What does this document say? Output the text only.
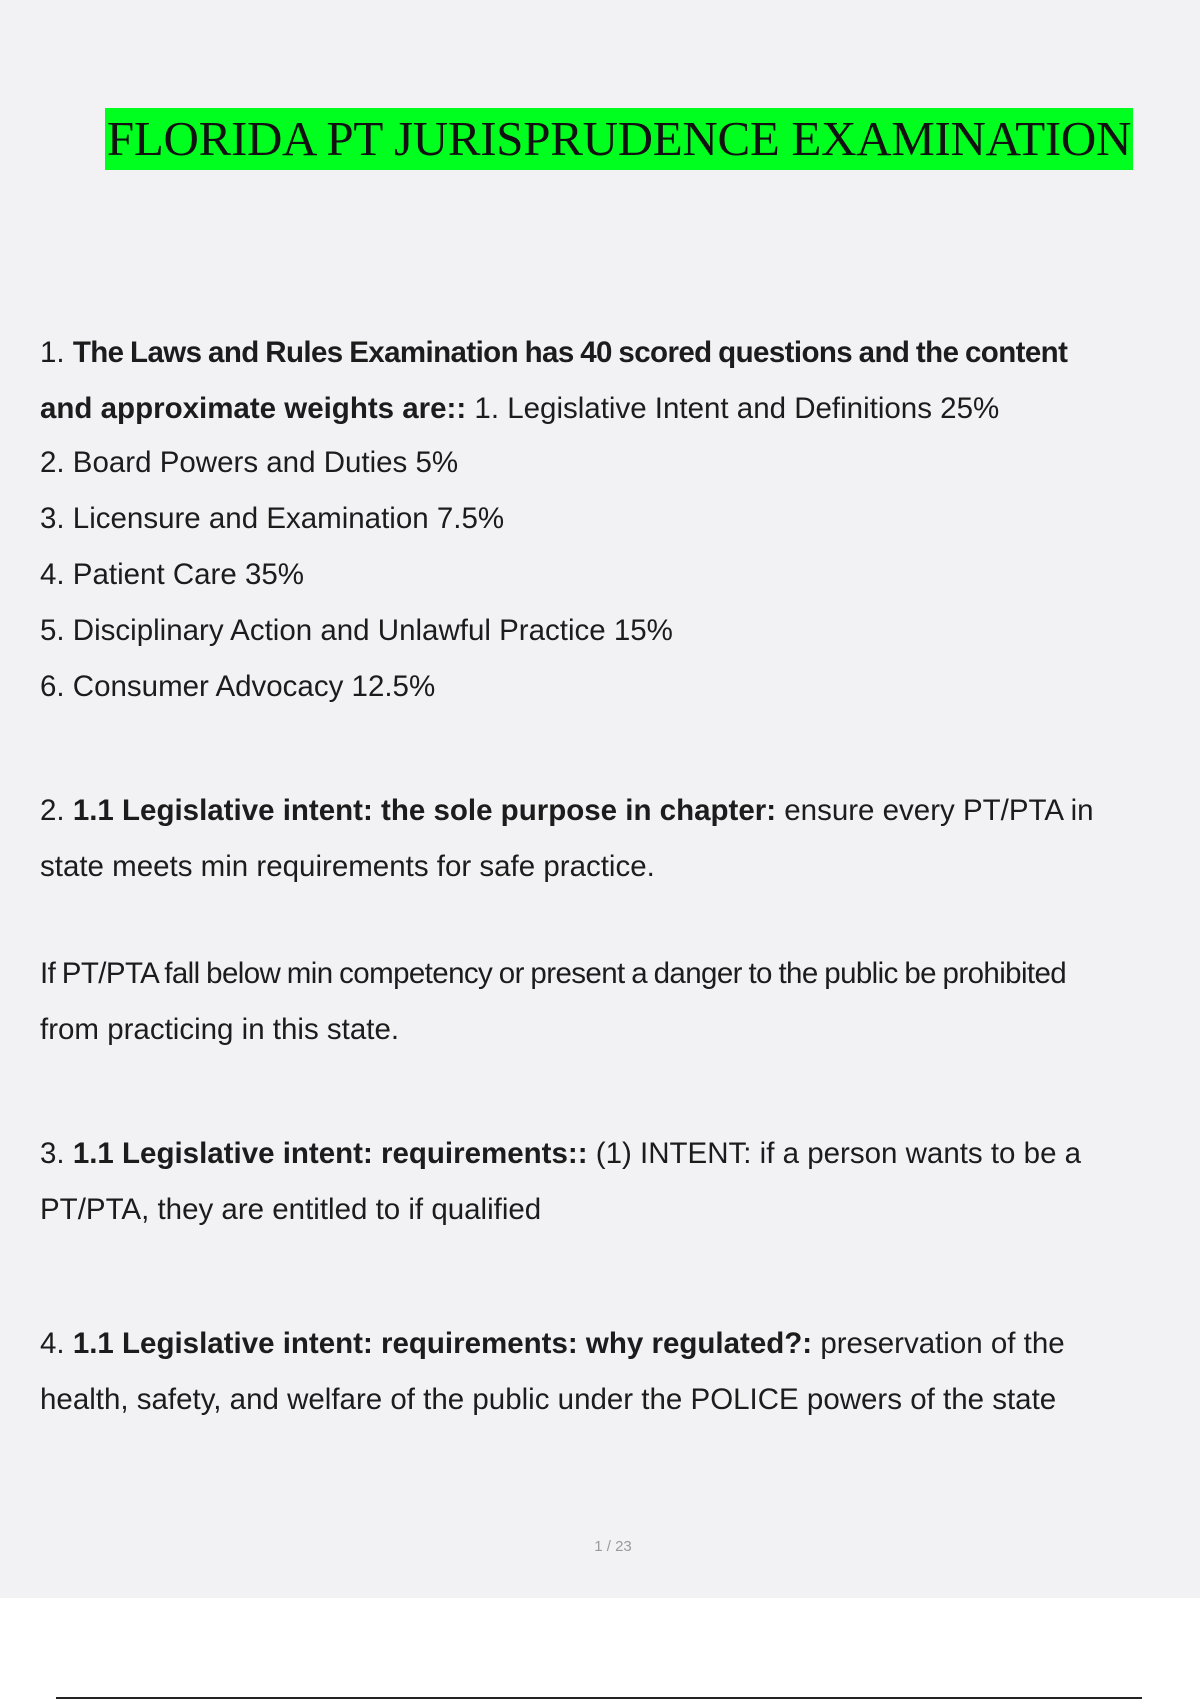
FLORIDA PT JURISPRUDENCE EXAMINATION
1. The Laws and Rules Examination has 40 scored questions and the content
and approximate weights are:: 1. Legislative Intent and Definitions 25%
2. Board Powers and Duties 5%
3. Licensure and Examination 7.5%
4. Patient Care 35%
5. Disciplinary Action and Unlawful Practice 15%
6. Consumer Advocacy 12.5%
2. 1.1 Legislative intent: the sole purpose in chapter: ensure every PT/PTA in
state meets min requirements for safe practice.
If PT/PTA fall below min competency or present a danger to the public be prohibited
from practicing in this state.
3. 1.1 Legislative intent: requirements:: (1) INTENT: if a person wants to be a
PT/PTA, they are entitled to if qualified
4. 1.1 Legislative intent: requirements: why regulated?: preservation of the
health, safety, and welfare of the public under the POLICE powers of the state
1 / 23
